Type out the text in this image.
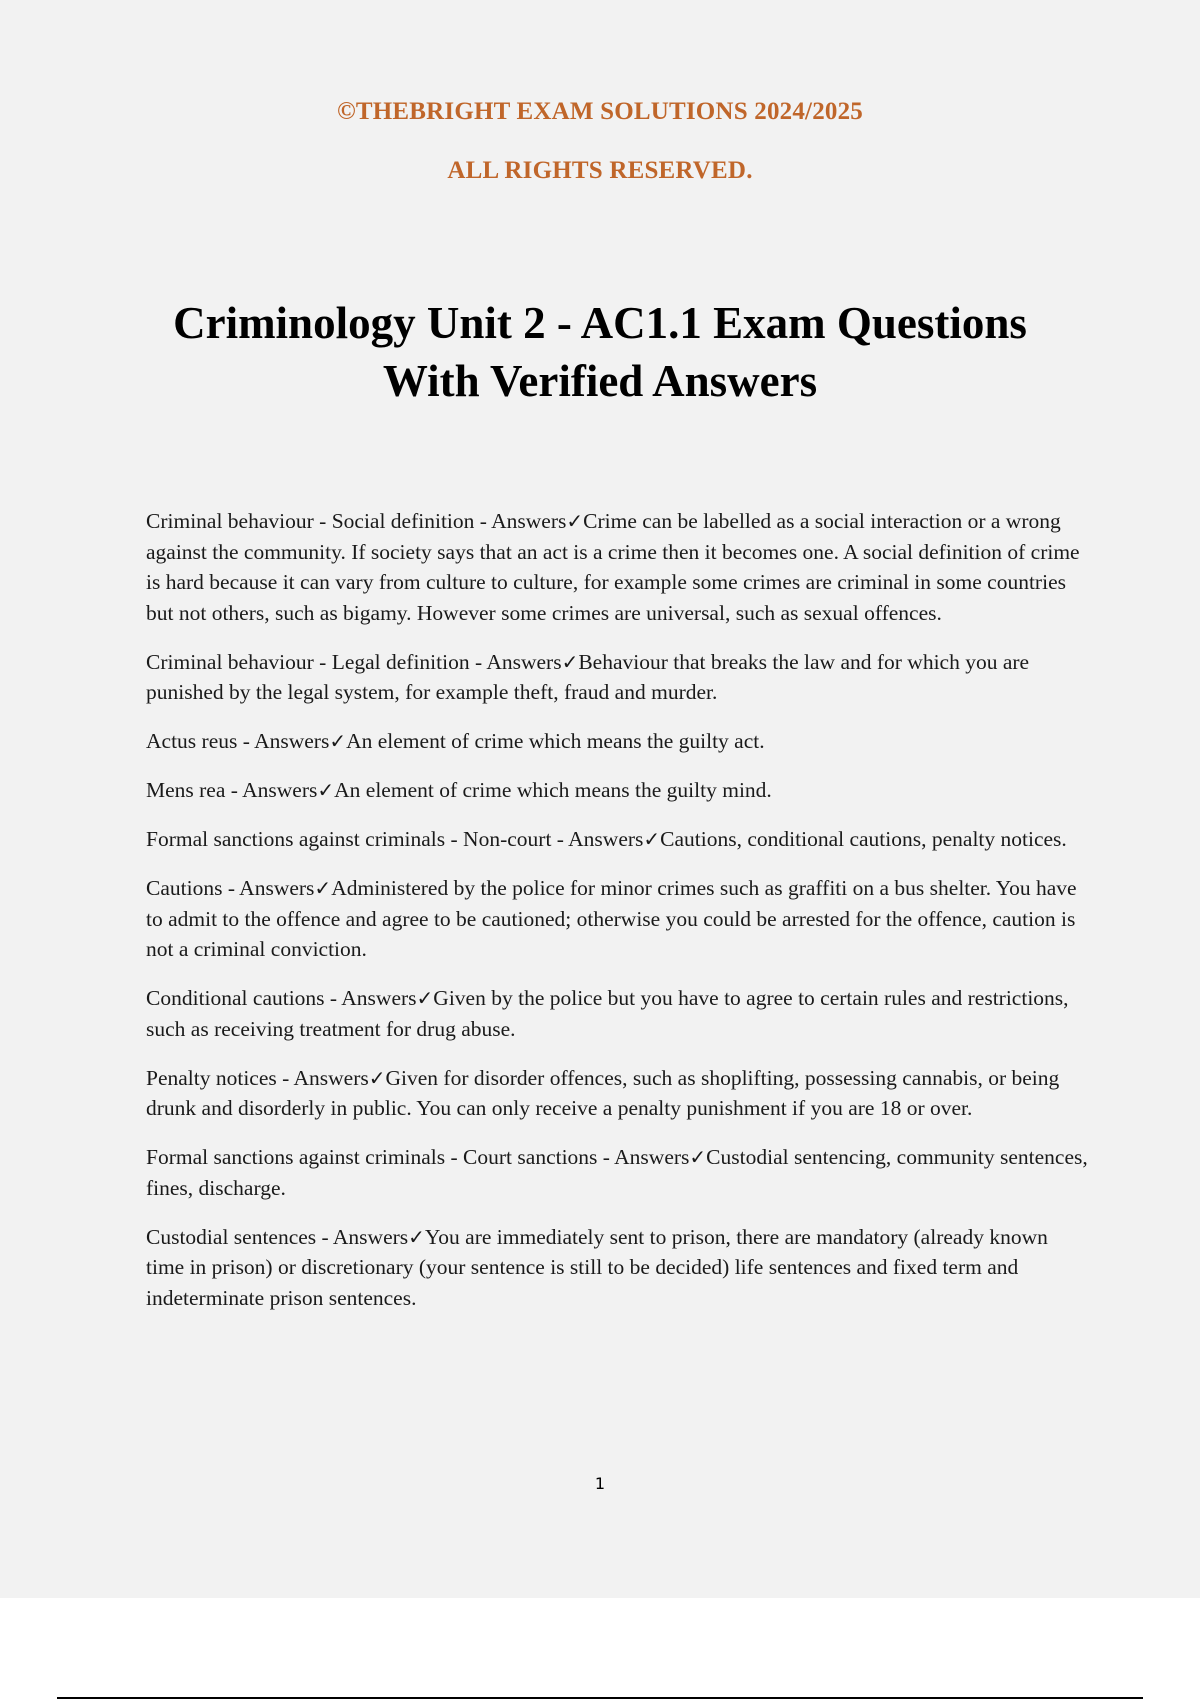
©THEBRIGHT EXAM SOLUTIONS 2024/2025
ALL RIGHTS RESERVED.
Criminology Unit 2 - AC1.1 Exam Questions
With Verified Answers

Criminal behaviour - Social definition - Answers✓Crime can be labelled as a social interaction or a wrong against the community. If society says that an act is a crime then it becomes one. A social definition of crime is hard because it can vary from culture to culture, for example some crimes are criminal in some countries but not others, such as bigamy. However some crimes are universal, such as sexual offences.

Criminal behaviour - Legal definition - Answers✓Behaviour that breaks the law and for which you are punished by the legal system, for example theft, fraud and murder.

Actus reus - Answers✓An element of crime which means the guilty act.

Mens rea - Answers✓An element of crime which means the guilty mind.

Formal sanctions against criminals - Non-court - Answers✓Cautions, conditional cautions, penalty notices.

Cautions - Answers✓Administered by the police for minor crimes such as graffiti on a bus shelter. You have to admit to the offence and agree to be cautioned; otherwise you could be arrested for the offence, caution is not a criminal conviction.

Conditional cautions - Answers✓Given by the police but you have to agree to certain rules and restrictions, such as receiving treatment for drug abuse.

Penalty notices - Answers✓Given for disorder offences, such as shoplifting, possessing cannabis, or being drunk and disorderly in public. You can only receive a penalty punishment if you are 18 or over.

Formal sanctions against criminals - Court sanctions - Answers✓Custodial sentencing, community sentences, fines, discharge.

Custodial sentences - Answers✓You are immediately sent to prison, there are mandatory (already known time in prison) or discretionary (your sentence is still to be decided) life sentences and fixed term and indeterminate prison sentences.

1
